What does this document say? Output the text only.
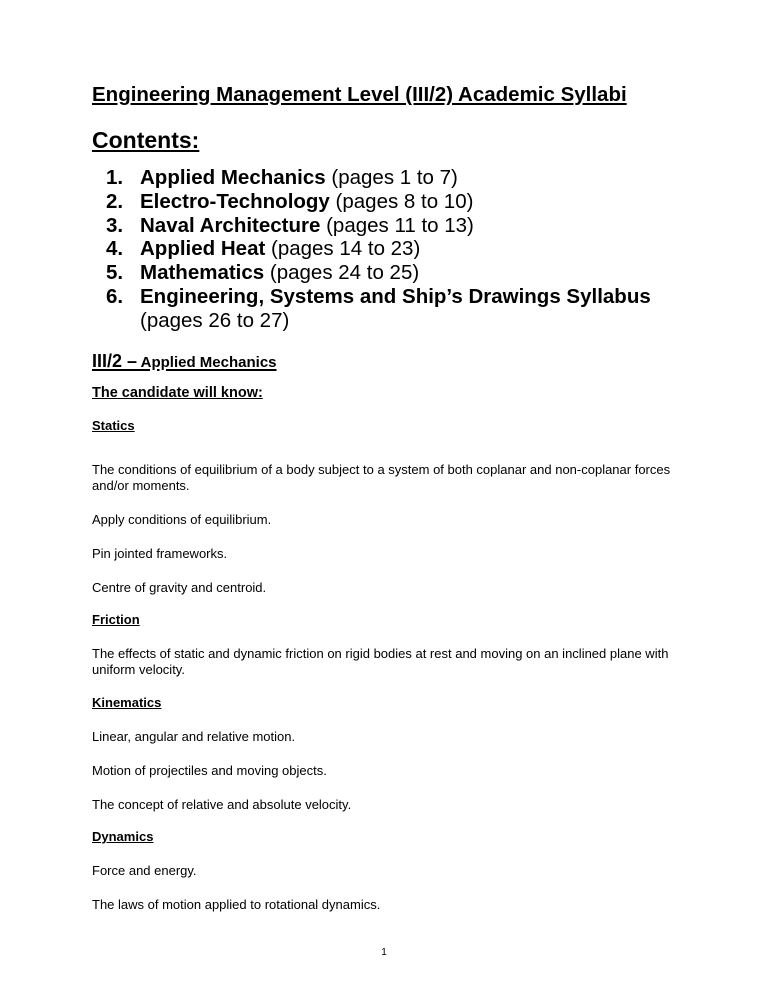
Engineering Management Level (III/2) Academic Syllabi
Contents:
1. Applied Mechanics (pages 1 to 7)
2. Electro-Technology (pages 8 to 10)
3. Naval Architecture (pages 11 to 13)
4. Applied Heat (pages 14 to 23)
5. Mathematics (pages 24 to 25)
6. Engineering, Systems and Ship’s Drawings Syllabus
(pages 26 to 27)
III/2 – Applied Mechanics
The candidate will know:
Statics

The conditions of equilibrium of a body subject to a system of both coplanar and non-coplanar forces and/or moments.

Apply conditions of equilibrium.

Pin jointed frameworks.

Centre of gravity and centroid.

Friction

The effects of static and dynamic friction on rigid bodies at rest and moving on an inclined plane with uniform velocity.

Kinematics

Linear, angular and relative motion.

Motion of projectiles and moving objects.

The concept of relative and absolute velocity.

Dynamics

Force and energy.

The laws of motion applied to rotational dynamics.

1
